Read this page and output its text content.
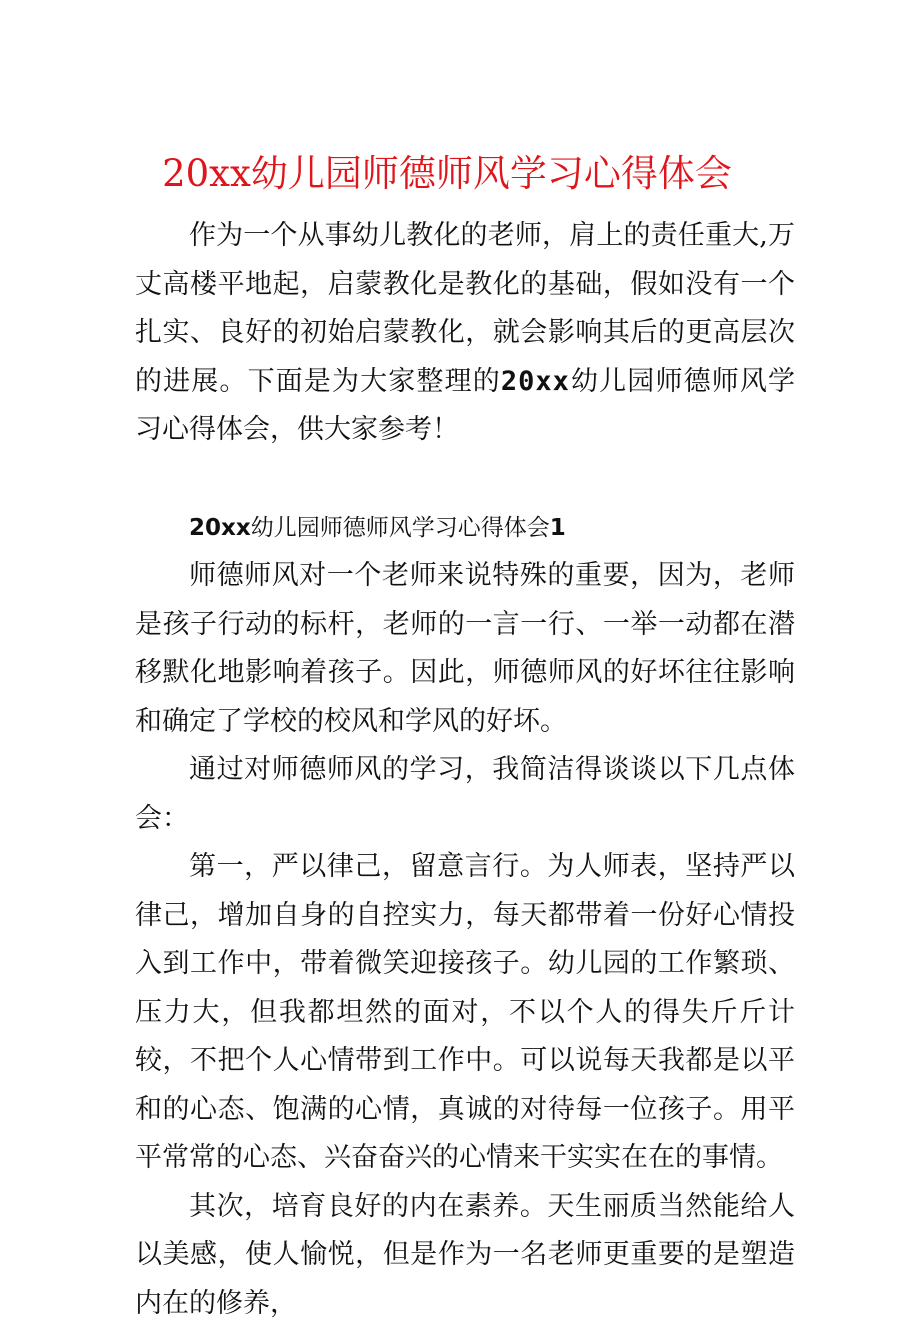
20xx幼儿园师德师风学习心得体会

作为一个从事幼儿教化的老师，肩上的责任重大,万丈高楼平地起，启蒙教化是教化的基础，假如没有一个扎实、良好的初始启蒙教化，就会影响其后的更高层次的进展。下面是为大家整理的20xx幼儿园师德师风学习心得体会，供大家参考！

20xx幼儿园师德师风学习心得体会1

师德师风对一个老师来说特殊的重要，因为，老师是孩子行动的标杆，老师的一言一行、一举一动都在潜移默化地影响着孩子。因此，师德师风的好坏往往影响和确定了学校的校风和学风的好坏。

通过对师德师风的学习，我简洁得谈谈以下几点体会：

第一，严以律己，留意言行。为人师表，坚持严以律己，增加自身的自控实力，每天都带着一份好心情投入到工作中，带着微笑迎接孩子。幼儿园的工作繁琐、压力大，但我都坦然的面对，不以个人的得失斤斤计较，不把个人心情带到工作中。可以说每天我都是以平和的心态、饱满的心情，真诚的对待每一位孩子。用平平常常的心态、兴奋奋兴的心情来干实实在在的事情。

其次，培育良好的内在素养。天生丽质当然能给人以美感，使人愉悦，但是作为一名老师更重要的是塑造内在的修养，
